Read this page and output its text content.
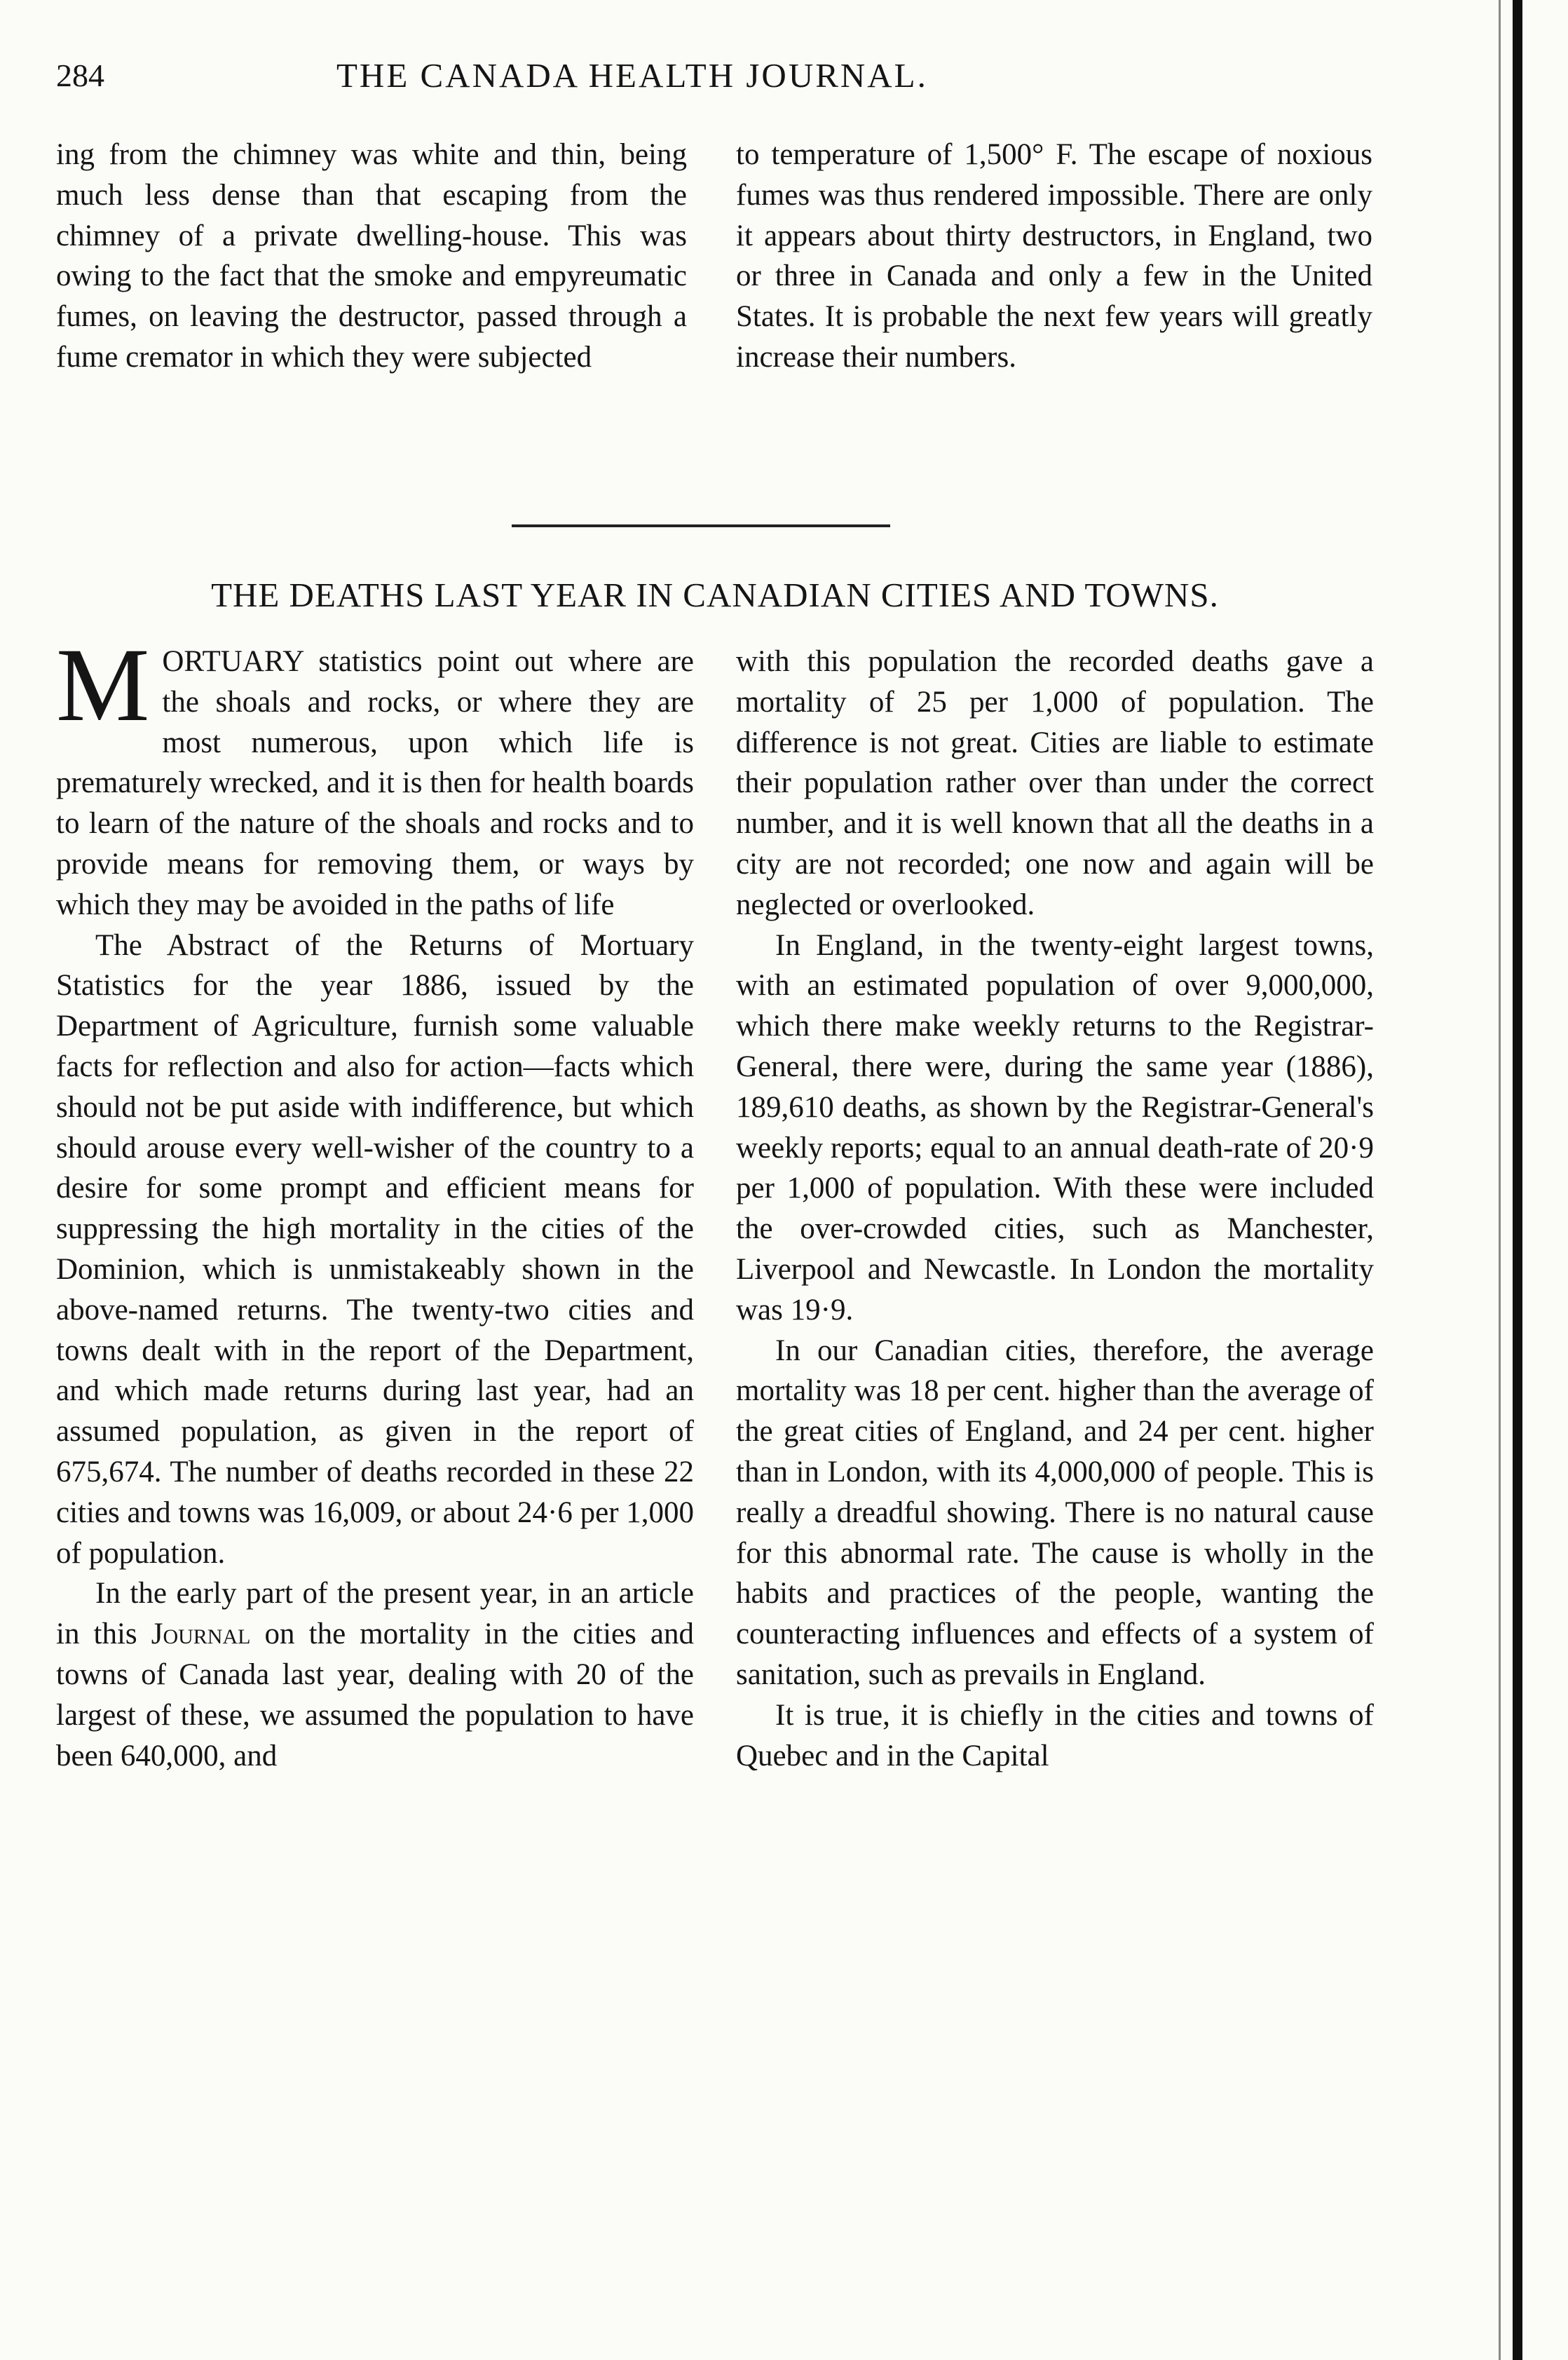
284	THE CANADA HEALTH JOURNAL.

ing from the chimney was white and thin, being much less dense than that escaping from the chimney of a private dwelling-house. This was owing to the fact that the smoke and empyreumatic fumes, on leaving the destructor, passed through a fume cremator in which they were subjected

to temperature of 1,500° F. The escape of noxious fumes was thus rendered impossible. There are only it appears about thirty destructors, in England, two or three in Canada and only a few in the United States. It is probable the next few years will greatly increase their numbers.

THE DEATHS LAST YEAR IN CANADIAN CITIES AND TOWNS.

MORTUARY statistics point out where are the shoals and rocks, or where they are most numerous, upon which life is prematurely wrecked, and it is then for health boards to learn of the nature of the shoals and rocks and to provide means for removing them, or ways by which they may be avoided in the paths of life

The Abstract of the Returns of Mortuary Statistics for the year 1886, issued by the Department of Agriculture, furnish some valuable facts for reflection and also for action—facts which should not be put aside with indifference, but which should arouse every well-wisher of the country to a desire for some prompt and efficient means for suppressing the high mortality in the cities of the Dominion, which is unmistakeably shown in the above-named returns. The twenty-two cities and towns dealt with in the report of the Department, and which made returns during last year, had an assumed population, as given in the report of 675,674. The number of deaths recorded in these 22 cities and towns was 16,009, or about 24·6 per 1,000 of population.

In the early part of the present year, in an article in this Journal on the mortality in the cities and towns of Canada last year, dealing with 20 of the largest of these, we assumed the population to have been 640,000, and

with this population the recorded deaths gave a mortality of 25 per 1,000 of population. The difference is not great. Cities are liable to estimate their population rather over than under the correct number, and it is well known that all the deaths in a city are not recorded; one now and again will be neglected or overlooked.

In England, in the twenty-eight largest towns, with an estimated population of over 9,000,000, which there make weekly returns to the Registrar-General, there were, during the same year (1886), 189,610 deaths, as shown by the Registrar-General's weekly reports; equal to an annual death-rate of 20·9 per 1,000 of population. With these were included the over-crowded cities, such as Manchester, Liverpool and Newcastle. In London the mortality was 19·9.

In our Canadian cities, therefore, the average mortality was 18 per cent. higher than the average of the great cities of England, and 24 per cent. higher than in London, with its 4,000,000 of people. This is really a dreadful showing. There is no natural cause for this abnormal rate. The cause is wholly in the habits and practices of the people, wanting the counteracting influences and effects of a system of sanitation, such as prevails in England.

It is true, it is chiefly in the cities and towns of Quebec and in the Capital
